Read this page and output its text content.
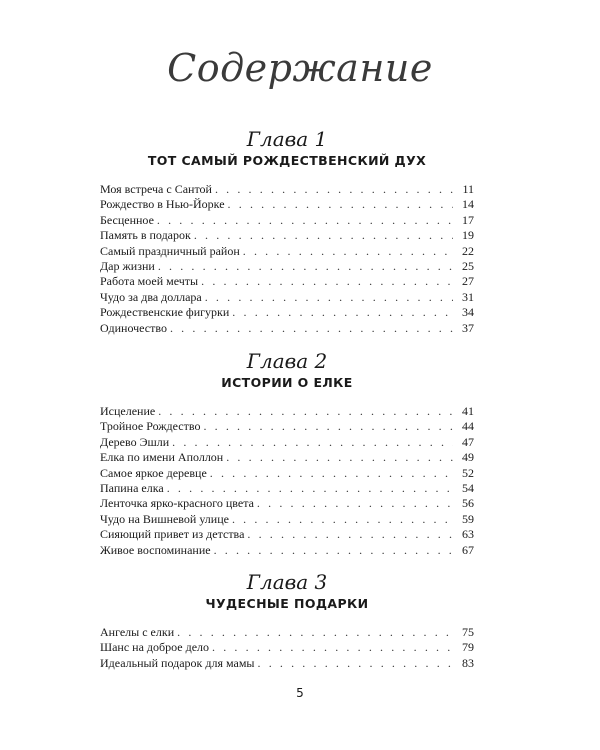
Содержание
Глава 1
ТОТ САМЫЙ РОЖДЕСТВЕНСКИЙ ДУХ
Моя встреча с Сантой . . .	11
Рождество в Нью-Йорке . . .	14
Бесценное . . .	17
Память в подарок . . .	19
Самый праздничный район . . .	22
Дар жизни . . .	25
Работа моей мечты . . .	27
Чудо за два доллара . . .	31
Рождественские фигурки . . .	34
Одиночество . . .	37
Глава 2
ИСТОРИИ О ЕЛКЕ
Исцеление . . .	41
Тройное Рождество . . .	44
Дерево Эшли . . .	47
Елка по имени Аполлон . . .	49
Самое яркое деревце . . .	52
Папина елка . . .	54
Ленточка ярко-красного цвета . . .	56
Чудо на Вишневой улице . . .	59
Сияющий привет из детства . . .	63
Живое воспоминание . . .	67
Глава 3
ЧУДЕСНЫЕ ПОДАРКИ
Ангелы с елки . . .	75
Шанс на доброе дело . . .	79
Идеальный подарок для мамы . . .	83
5
